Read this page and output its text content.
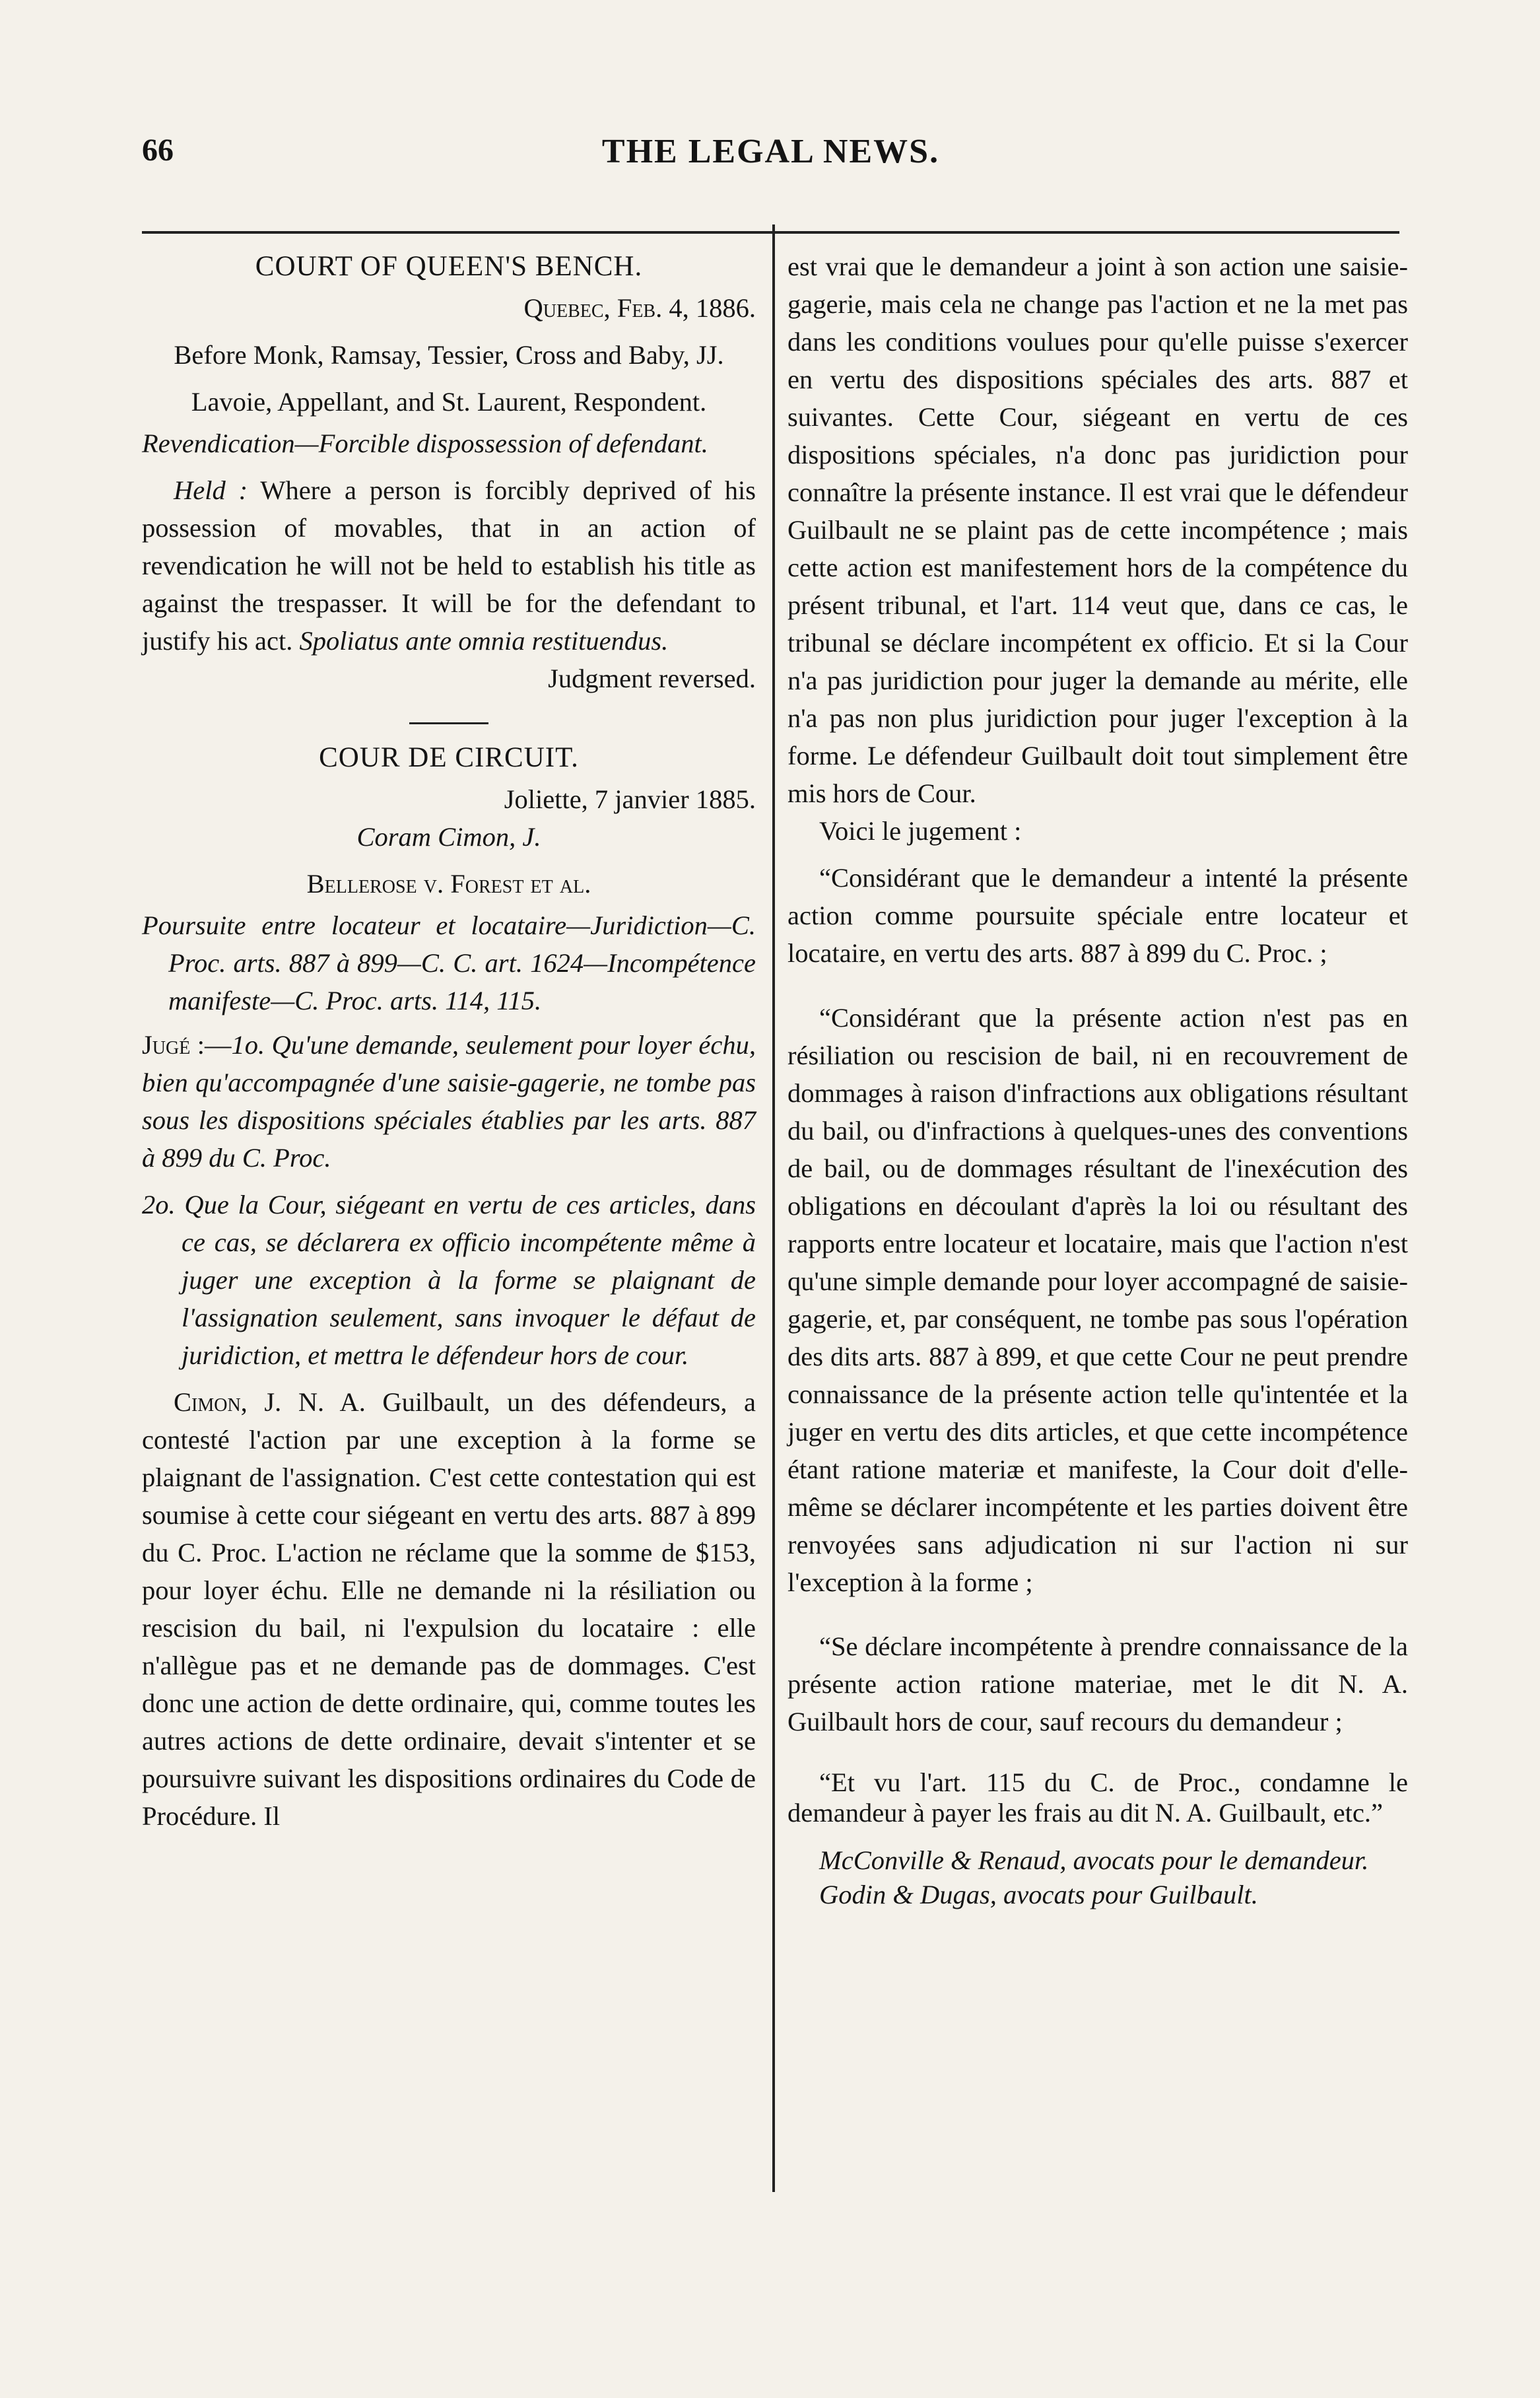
66	THE LEGAL NEWS.

COURT OF QUEEN'S BENCH.

Quebec, Feb. 4, 1886.

Before Monk, Ramsay, Tessier, Cross and Baby, JJ.

Lavoie, Appellant, and St. Laurent, Respondent.

Revendication—Forcible dispossession of defendant.

Held : Where a person is forcibly deprived of his possession of movables, that in an action of revendication he will not be held to establish his title as against the trespasser. It will be for the defendant to justify his act. Spoliatus ante omnia restituendus.

Judgment reversed.

COUR DE CIRCUIT.

Joliette, 7 janvier 1885.

Coram Cimon, J.

Bellerose v. Forest et al.

Poursuite entre locateur et locataire—Juridiction—C. Proc. arts. 887 à 899—C. C. art. 1624—Incompétence manifeste—C. Proc. arts. 114, 115.

Jugé :—1o. Qu'une demande, seulement pour loyer échu, bien qu'accompagnée d'une saisie-gagerie, ne tombe pas sous les dispositions spéciales établies par les arts. 887 à 899 du C. Proc.

2o. Que la Cour, siégeant en vertu de ces articles, dans ce cas, se déclarera ex officio incompétente même à juger une exception à la forme se plaignant de l'assignation seulement, sans invoquer le défaut de juridiction, et mettra le défendeur hors de cour.

Cimon, J. N. A. Guilbault, un des défendeurs, a contesté l'action par une exception à la forme se plaignant de l'assignation. C'est cette contestation qui est soumise à cette cour siégeant en vertu des arts. 887 à 899 du C. Proc. L'action ne réclame que la somme de $153, pour loyer échu. Elle ne demande ni la résiliation ou rescision du bail, ni l'expulsion du locataire : elle n'allègue pas et ne demande pas de dommages. C'est donc une action de dette ordinaire, qui, comme toutes les autres actions de dette ordinaire, devait s'intenter et se poursuivre suivant les dispositions ordinaires du Code de Procédure. Il

est vrai que le demandeur a joint à son action une saisie-gagerie, mais cela ne change pas l'action et ne la met pas dans les conditions voulues pour qu'elle puisse s'exercer en vertu des dispositions spéciales des arts. 887 et suivantes. Cette Cour, siégeant en vertu de ces dispositions spéciales, n'a donc pas juridiction pour connaître la présente instance. Il est vrai que le défendeur Guilbault ne se plaint pas de cette incompétence ; mais cette action est manifestement hors de la compétence du présent tribunal, et l'art. 114 veut que, dans ce cas, le tribunal se déclare incompétent ex officio. Et si la Cour n'a pas juridiction pour juger la demande au mérite, elle n'a pas non plus juridiction pour juger l'exception à la forme. Le défendeur Guilbault doit tout simplement être mis hors de Cour.

Voici le jugement :

“Considérant que le demandeur a intenté la présente action comme poursuite spéciale entre locateur et locataire, en vertu des arts. 887 à 899 du C. Proc. ;

“Considérant que la présente action n'est pas en résiliation ou rescision de bail, ni en recouvrement de dommages à raison d'infractions aux obligations résultant du bail, ou d'infractions à quelques-unes des conventions de bail, ou de dommages résultant de l'inexécution des obligations en découlant d'après la loi ou résultant des rapports entre locateur et locataire, mais que l'action n'est qu'une simple demande pour loyer accompagné de saisie-gagerie, et, par conséquent, ne tombe pas sous l'opération des dits arts. 887 à 899, et que cette Cour ne peut prendre connaissance de la présente action telle qu'intentée et la juger en vertu des dits articles, et que cette incompétence étant ratione materiæ et manifeste, la Cour doit d'elle-même se déclarer incompétente et les parties doivent être renvoyées sans adjudication ni sur l'action ni sur l'exception à la forme ;

“Se déclare incompétente à prendre connaissance de la présente action ratione materiae, met le dit N. A. Guilbault hors de cour, sauf recours du demandeur ;

“Et vu l'art. 115 du C. de Proc., condamne le demandeur à payer les frais au dit N. A. Guilbault, etc.”

McConville & Renaud, avocats pour le demandeur.

Godin & Dugas, avocats pour Guilbault.
